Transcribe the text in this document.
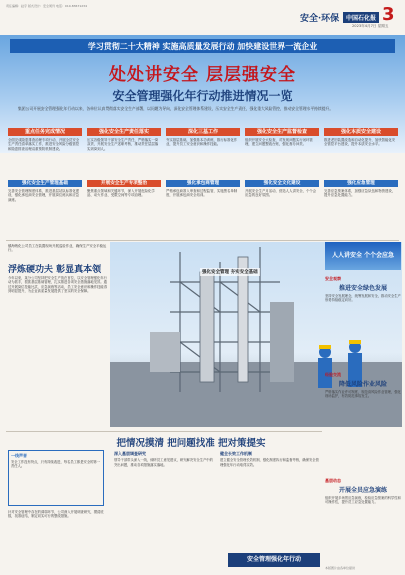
责任编辑：赵宇 版式设计：安全周刊 电话：010-83671234
安全·环保	中国石化报 3
2023年4月7日 星期五
学习贯彻二十大精神 实施高质量发展行动 加快建设世界一流企业
处处讲安全 层层强安全
安全管理强化年行动推进情况一览
集团公司开展安全管理强化年行动以来，各单位认真贯彻落实安全生产部署，以问题为导向，深化安全管理体系建设，压实安全生产责任，强化重大风险管控，推动安全管理水平持续提升。
重点任务完成情况
全面完成隐患排查治理专项行动，开展全员安全生产责任清单落实工作，推进安全风险分级管控和隐患排查治理双重预防机制建设。
强化安全生产管理基础
完善安全管理制度体系，推进基层站队标准化建设，强化承包商安全管理，开展岗位练兵和应急演练。
强化安全生产责任落实
压实各级领导干部安全生产责任，严格落实一岗双责，开展安全生产述职考核，推动责任层层落实到岗到人。
开展安全生产专项整治
聚焦重点领域和关键环节，深入开展危险化学品、动火作业、受限空间等专项治理。
深化三基工作
夯实基层基础，加强基本功训练，推行标准化作业，提升员工安全意识和操作技能。
强化承包商管理
严格承包商准入审查和过程监管，实施黑名单制度，开展承包商安全培训。
强化安全生产监督检查
组织开展安全大检查，对发现问题实行闭环管理，建立问题整改台账，强化督办问责。
强化安全文化建设
开展安全生产月活动，营造人人讲安全、个个会应急的良好氛围。
强化本质安全建设
推进老旧装置改造和自动化提升，加快智能化安全管控平台建设，提升本质安全水平。
强化应急管理
完善应急预案体系，加强应急队伍和物资建设，提升应急处置能力。
强化安全管理 夯实安全基础
镇海炼化公司员工在装置现场开展巡检作业，确保生产安全平稳运行。
浮炼硬功夫 彰显真本领
今年以来，某分公司坚持把安全生产放在首位，以安全管理强化年行动为抓手，狠抓基层基础管理，扎实推进各项安全措施落地见效。通过开展岗位技能比武、应急演练等活动，员工安全意识和操作技能得到明显提升，为企业高质量发展提供了坚实的安全保障。
人人讲安全 个个会应急
安全观察
推进安全绿色发展
坚持安全发展理念，统筹发展和安全，推动安全生产形势持续稳定向好。
经验交流
降低风险作业风险
严格落实作业许可制度，规范高风险作业管理，强化现场监护，有效防范事故发生。
基层动态
开展全员应急演练
组织开展多场景应急演练，检验应急预案的科学性和可操作性，提升员工应急处置能力。
把情况摸清 把问题找准 把对策提实
针对安全管理中存在的薄弱环节，公司深入开展调查研究，摸清底数，找准症结，制定切实可行的整改措施。
深入基层调查研究
领导干部带头深入一线，倾听员工意见建议，研究解决安全生产中的突出问题，推动各项措施落实落地。
健全长效工作机制
建立健全安全管理长效机制，强化制度执行和监督考核，确保安全管理强化年行动取得实效。
一线声音
安全工作没有终点，只有持续改进，每名员工都是安全的第一责任人。
安全管理强化年行动
本版图片由各单位提供
